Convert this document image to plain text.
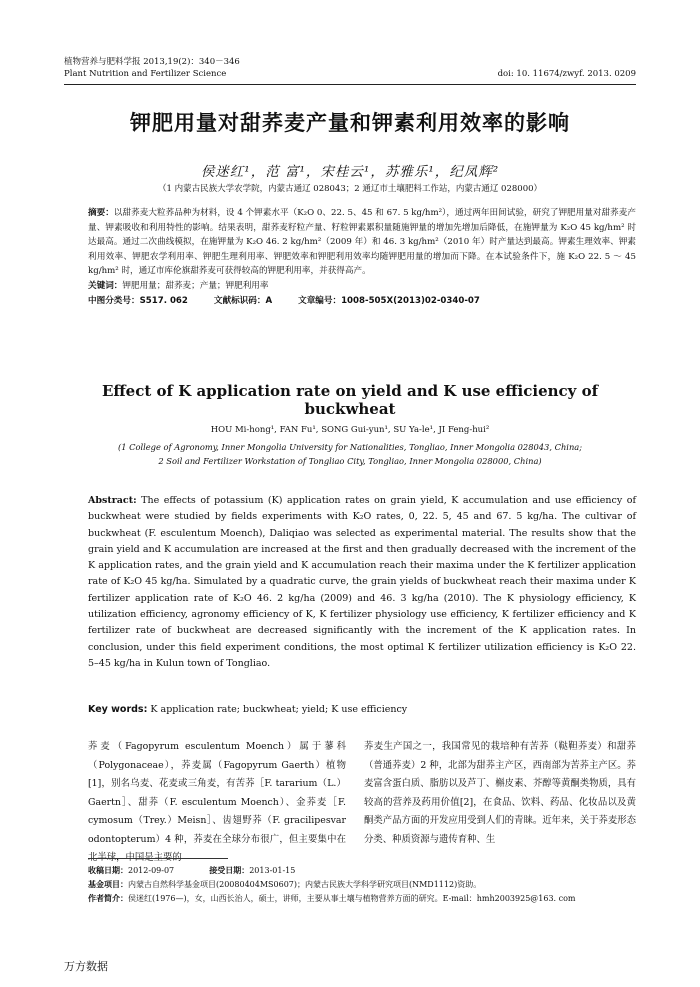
植物营养与肥料学报 2013,19(2)：340－346
Plant Nutrition and Fertilizer Science	doi: 10. 11674/zwyf. 2013. 0209
钾肥用量对甜荞麦产量和钾素利用效率的影响
侯迷红¹，范 富¹，宋桂云¹，苏雅乐¹，纪凤辉²
（1 内蒙古民族大学农学院，内蒙古通辽 028043；2 通辽市土壤肥料工作站，内蒙古通辽 028000）
摘要：以甜荞麦大粒荞品种为材料，设 4 个钾素水平（K₂O 0、22. 5、45 和 67. 5 kg/hm²），通过两年田间试验，研究了钾肥用量对甜荞麦产量、钾素吸收和利用特性的影响。结果表明，甜荞麦籽粒产量、籽粒钾素累积量随施钾量的增加先增加后降低，在施钾量为 K₂O 45 kg/hm² 时达最高。通过二次曲线模拟，在施钾量为 K₂O 46. 2 kg/hm²（2009 年）和 46. 3 kg/hm²（2010 年）时产量达到最高。钾素生理效率、钾素利用效率、钾肥农学利用率、钾肥生理利用率、钾肥效率和钾肥利用效率均随钾肥用量的增加而下降。在本试验条件下，施 K₂O 22. 5 ～ 45 kg/hm² 时，通辽市库伦旗甜荞麦可获得较高的钾肥利用率，并获得高产。
关键词：钾肥用量；甜荞麦；产量；钾肥利用率
中图分类号：S517. 062	文献标识码：A	文章编号：1008-505X(2013)02-0340-07
Effect of K application rate on yield and K use efficiency of buckwheat
HOU Mi-hong¹, FAN Fu¹, SONG Gui-yun¹, SU Ya-le¹, JI Feng-hui²
(1 College of Agronomy, Inner Mongolia University for Nationalities, Tongliao, Inner Mongolia 028043, China;
2 Soil and Fertilizer Workstation of Tongliao City, Tongliao, Inner Mongolia 028000, China)
Abstract: The effects of potassium (K) application rates on grain yield, K accumulation and use efficiency of buckwheat were studied by fields experiments with K₂O rates, 0, 22. 5, 45 and 67. 5 kg/ha. The cultivar of buckwheat (F. esculentum Moench), Daliqiao was selected as experimental material. The results show that the grain yield and K accumulation are increased at the first and then gradually decreased with the increment of the K application rates, and the grain yield and K accumulation reach their maxima under the K fertilizer application rate of K₂O 45 kg/ha. Simulated by a quadratic curve, the grain yields of buckwheat reach their maxima under K fertilizer application rate of K₂O 46. 2 kg/ha (2009) and 46. 3 kg/ha (2010). The K physiology efficiency, K utilization efficiency, agronomy efficiency of K, K fertilizer physiology use efficiency, K fertilizer efficiency and K fertilizer rate of buckwheat are decreased significantly with the increment of the K application rates. In conclusion, under this field experiment conditions, the most optimal K fertilizer utilization efficiency is K₂O 22. 5–45 kg/ha in Kulun town of Tongliao.
Key words: K application rate; buckwheat; yield; K use efficiency
荞麦（Fagopyrum esculentum Moench）属于蓼科（Polygonaceae），荞麦属（Fagopyrum Gaerth）植物[1]，别名乌麦、花麦或三角麦，有苦荞［F. tararium（L.）Gaertn］、甜荞（F. esculentum Moench）、金荞麦［F. cymosum（Trey.）Meisn］、齿翅野荞（F. gracilipesvar odontopterum）4 种，荞麦在全球分布很广，但主要集中在北半球，中国是主要的
荞麦生产国之一，我国常见的栽培种有苦荞（鞑靼荞麦）和甜荞（普通荞麦）2 种，北部为甜荞主产区，西南部为苦荞主产区。荞麦富含蛋白质、脂肪以及芦丁、槲皮素、芥醇等黄酮类物质，具有较高的营养及药用价值[2]，在食品、饮料、药品、化妆品以及黄酮类产品方面的开发应用受到人们的青睐。近年来，关于荞麦形态分类、种质资源与遗传育种、生
收稿日期：2012-09-07	接受日期：2013-01-15
基金项目：内蒙古自然科学基金项目(20080404MS0607)；内蒙古民族大学科学研究项目(NMD1112)资助。
作者简介：侯迷红(1976—)，女，山西长治人，硕士，讲师，主要从事土壤与植物营养方面的研究。E-mail：hmh2003925@163. com
万方数据
